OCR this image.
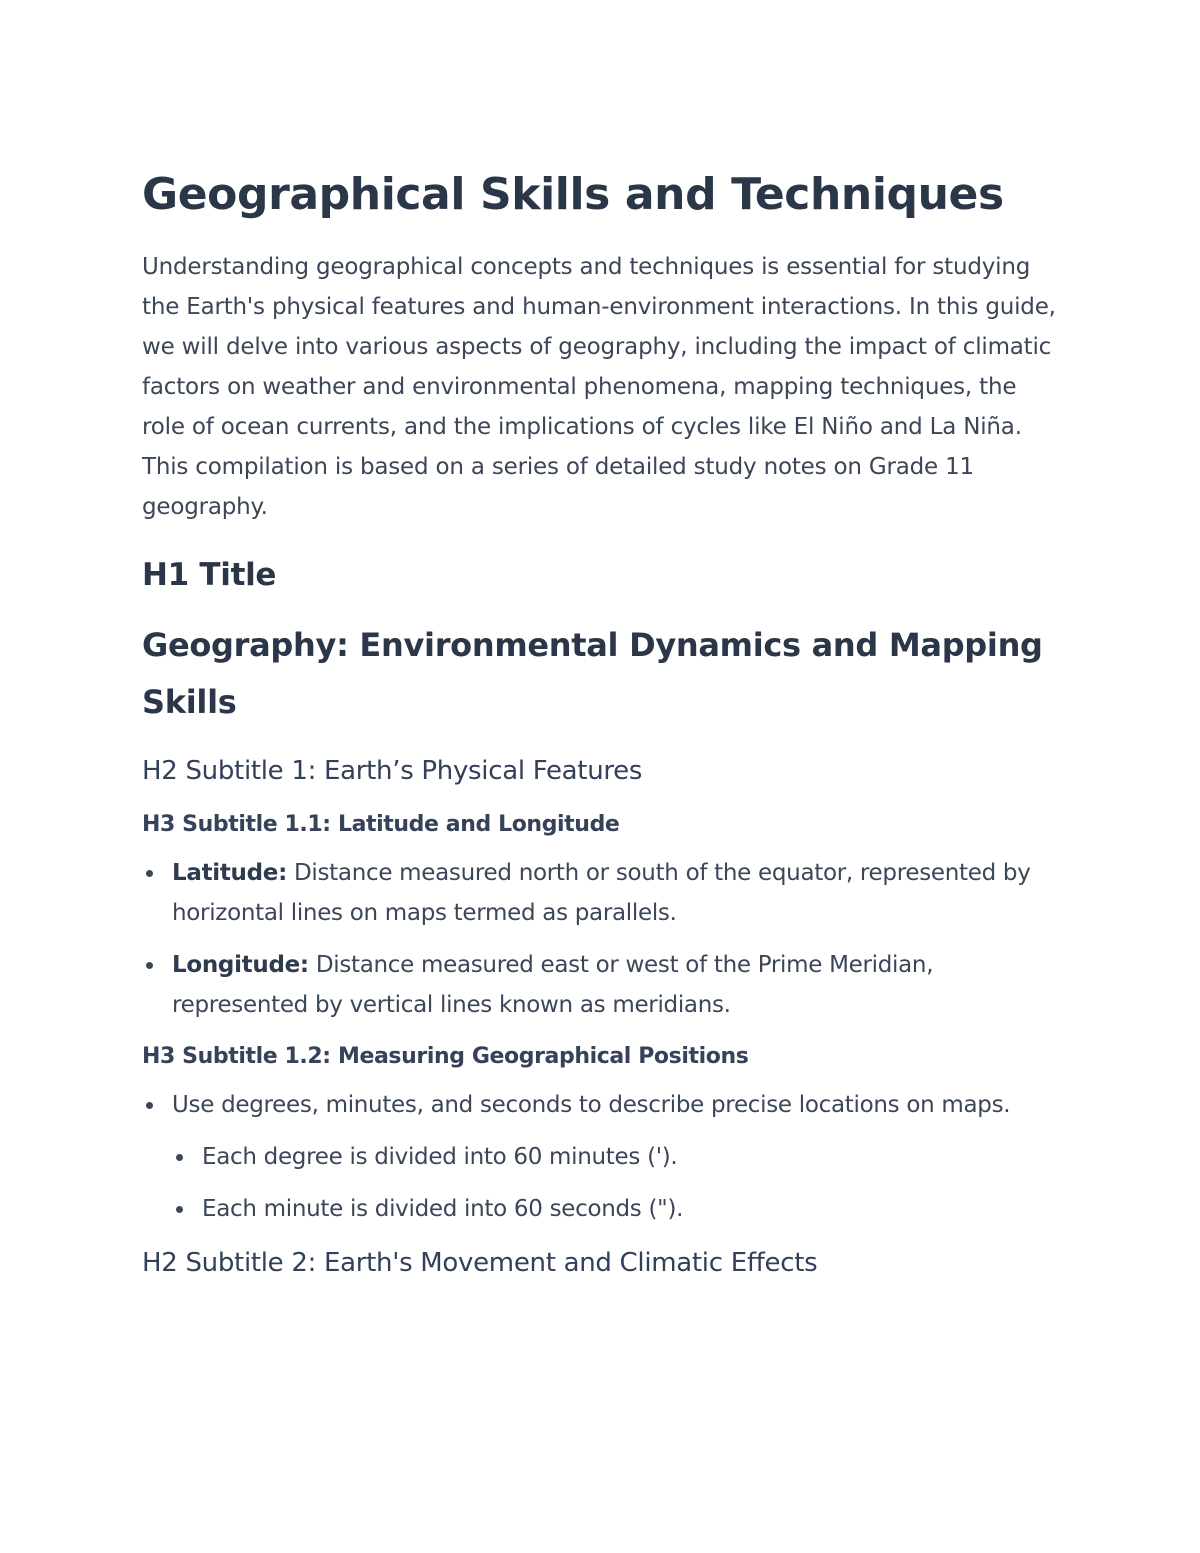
Geographical Skills and Techniques

Understanding geographical concepts and techniques is essential for studying the Earth's physical features and human-environment interactions. In this guide, we will delve into various aspects of geography, including the impact of climatic factors on weather and environmental phenomena, mapping techniques, the role of ocean currents, and the implications of cycles like El Niño and La Niña. This compilation is based on a series of detailed study notes on Grade 11 geography.

H1 Title
Geography: Environmental Dynamics and Mapping Skills
H2 Subtitle 1: Earth’s Physical Features
H3 Subtitle 1.1: Latitude and Longitude
Latitude: Distance measured north or south of the equator, represented by horizontal lines on maps termed as parallels.
Longitude: Distance measured east or west of the Prime Meridian, represented by vertical lines known as meridians.
H3 Subtitle 1.2: Measuring Geographical Positions
Use degrees, minutes, and seconds to describe precise locations on maps.
Each degree is divided into 60 minutes (').
Each minute is divided into 60 seconds (").
H2 Subtitle 2: Earth's Movement and Climatic Effects
